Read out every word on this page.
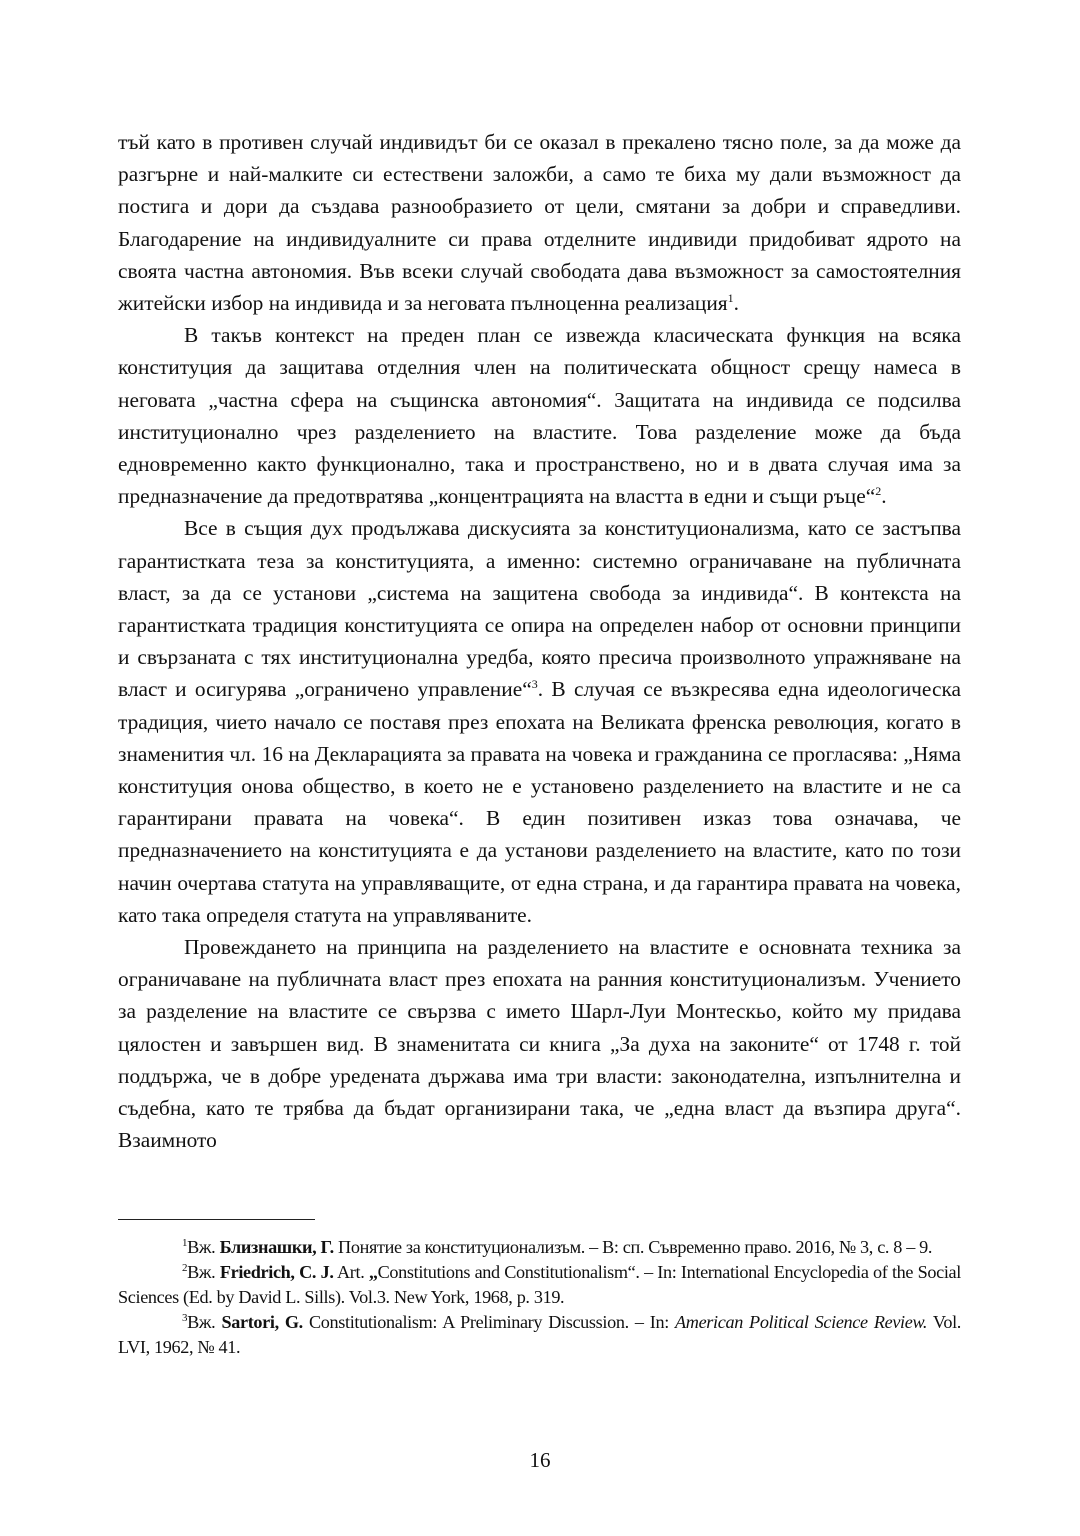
тъй като в противен случай индивидът би се оказал в прекалено тясно поле, за да може да разгърне и най-малките си естествени заложби, а само те биха му дали възможност да постига и дори да създава разнообразието от цели, смятани за добри и справедливи. Благодарение на индивидуалните си права отделните индивиди придобиват ядрото на своята частна автономия. Във всеки случай свободата дава възможност за самостоятелния житейски избор на индивида и за неговата пълноценна реализация$^1$.

В такъв контекст на преден план се извежда класическата функция на всяка конституция да защитава отделния член на политическата общност срещу намеса в неговата „частна сфера на същинска автономия“. Защитата на индивида се подсилва институционално чрез разделението на властите. Това разделение може да бъда едновременно както функционално, така и пространствено, но и в двата случая има за предназначение да предотвратява „концентрацията на властта в едни и същи ръце“$^2$.

Все в същия дух продължава дискусията за конституционализма, като се застъпва гарантистката теза за конституцията, а именно: системно ограничаване на публичната власт, за да се установи „система на защитена свобода за индивида“. В контекста на гарантистката традиция конституцията се опира на определен набор от основни принципи и свързаната с тях институционална уредба, която пресича произволното упражняване на власт и осигурява „ограничено управление“$^3$. В случая се възкресява една идеологическа традиция, чието начало се поставя през епохата на Великата френска революция, когато в знаменития чл. 16 на Декларацията за правата на човека и гражданина се прогласява: „Няма конституция онова общество, в което не е установено разделението на властите и не са гарантирани правата на човека“. В един позитивен изказ това означава, че предназначението на конституцията е да установи разделението на властите, като по този начин очертава статута на управляващите, от една страна, и да гарантира правата на човека, като така определя статута на управляваните.

Провеждането на принципа на разделението на властите е основната техника за ограничаване на публичната власт през епохата на ранния конституционализъм. Учението за разделение на властите се свързва с името Шарл-Луи Монтескьо, който му придава цялостен и завършен вид. В знаменитата си книга „За духа на законите“ от 1748 г. той поддържа, че в добре уредената държава има три власти: законодателна, изпълнителна и съдебна, като те трябва да бъдат организирани така, че „една власт да възпира друга“. Взаимното

$^1$Вж. Близнашки, Г. Понятие за конституционализъм. – В: сп. Съвременно право. 2016, № 3, с. 8 – 9.

$^2$Вж. Friedrich, C. J. Art. „Constitutions and Constitutionalism“. – In: International Encyclopedia of the Social Sciences (Ed. by David L. Sills). Vol.3. New York, 1968, p. 319.

$^3$Вж. Sartori, G. Constitutionalism: A Preliminary Discussion. – In: American Political Science Review. Vol. LVI, 1962, № 41.

16
